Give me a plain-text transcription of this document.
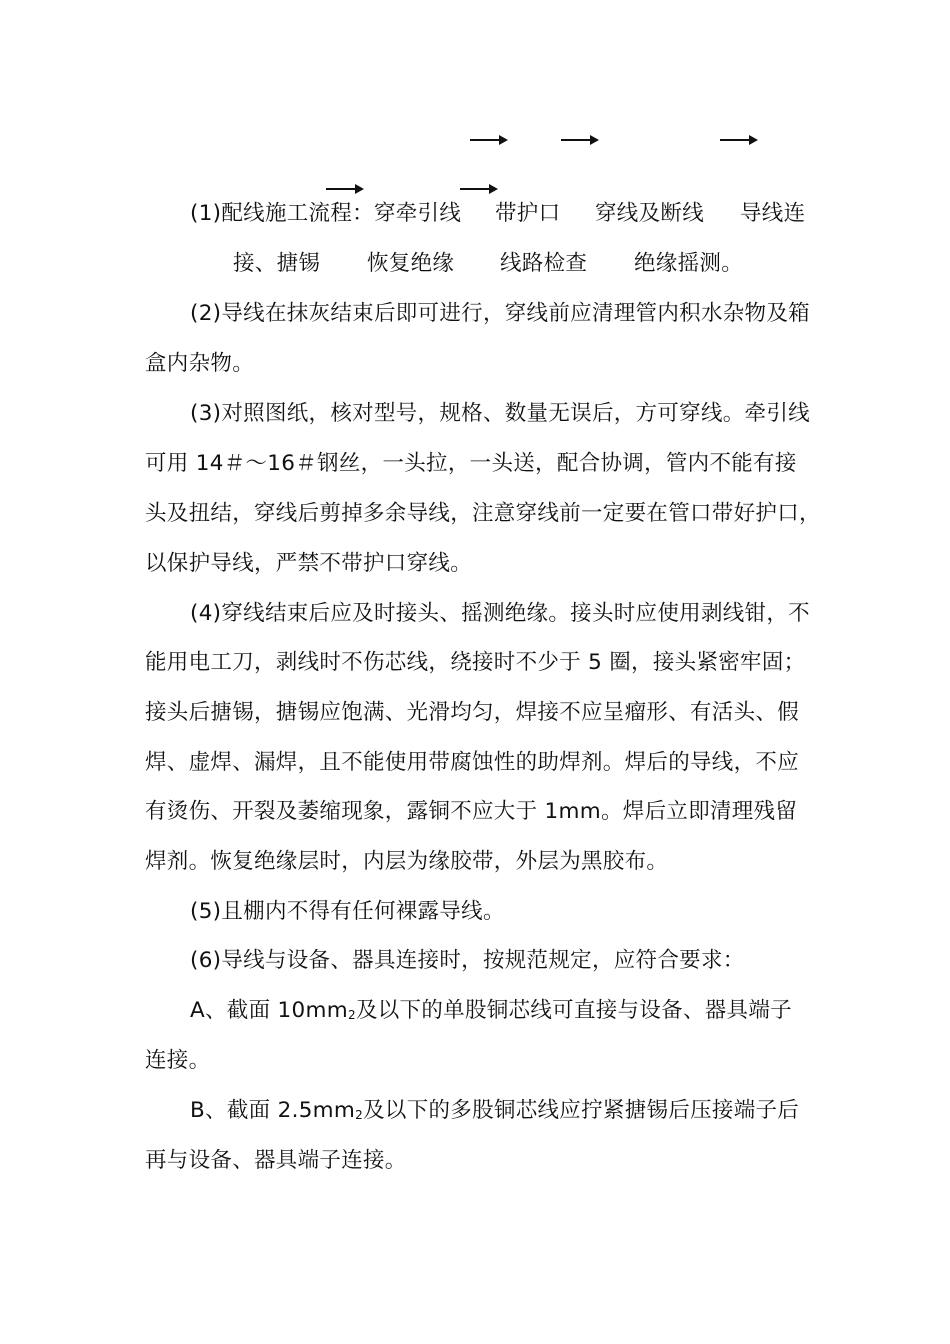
(1)配线施工流程：穿牵引线 带护口 穿线及断线 导线连
接、搪锡 恢复绝缘 线路检查 绝缘摇测。
(2)导线在抹灰结束后即可进行，穿线前应清理管内积水杂物及箱
盒内杂物。
(3)对照图纸，核对型号，规格、数量无误后，方可穿线。牵引线
可用 14＃～16＃钢丝，一头拉，一头送，配合协调，管内不能有接
头及扭结，穿线后剪掉多余导线，注意穿线前一定要在管口带好护口，
以保护导线，严禁不带护口穿线。
(4)穿线结束后应及时接头、摇测绝缘。接头时应使用剥线钳，不
能用电工刀，剥线时不伤芯线，绕接时不少于 5 圈，接头紧密牢固；
接头后搪锡，搪锡应饱满、光滑均匀，焊接不应呈瘤形、有活头、假
焊、虚焊、漏焊，且不能使用带腐蚀性的助焊剂。焊后的导线，不应
有烫伤、开裂及萎缩现象，露铜不应大于 1mm。焊后立即清理残留
焊剂。恢复绝缘层时，内层为缘胶带，外层为黑胶布。
(5)且棚内不得有任何裸露导线。
(6)导线与设备、器具连接时，按规范规定，应符合要求：
A、截面 $10mm_2$及以下的单股铜芯线可直接与设备、器具端子
连接。
B、截面 $2.5mm_2$及以下的多股铜芯线应拧紧搪锡后压接端子后
再与设备、器具端子连接。
